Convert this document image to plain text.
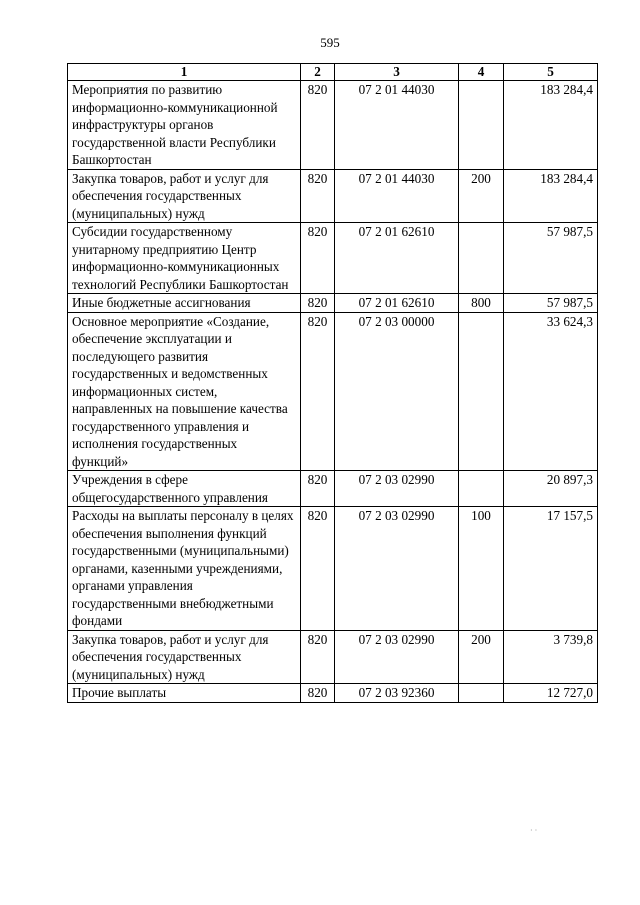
595
1	2	3	4	5
Мероприятия по развитию информационно-коммуникационной инфраструктуры органов государственной власти Республики Башкортостан	820	07 2 01 44030		183 284,4
Закупка товаров, работ и услуг для обеспечения государственных (муниципальных) нужд	820	07 2 01 44030	200	183 284,4
Субсидии государственному унитарному предприятию Центр информационно-коммуникационных технологий Республики Башкортостан	820	07 2 01 62610		57 987,5
Иные бюджетные ассигнования	820	07 2 01 62610	800	57 987,5
Основное мероприятие «Создание, обеспечение эксплуатации и последующего развития государственных и ведомственных информационных систем, направленных на повышение качества государственного управления и исполнения государственных функций»	820	07 2 03 00000		33 624,3
Учреждения в сфере общегосударственного управления	820	07 2 03 02990		20 897,3
Расходы на выплаты персоналу в целях обеспечения выполнения функций государственными (муниципальными) органами, казенными учреждениями, органами управления государственными внебюджетными фондами	820	07 2 03 02990	100	17 157,5
Закупка товаров, работ и услуг для обеспечения государственных (муниципальных) нужд	820	07 2 03 02990	200	3 739,8
Прочие выплаты	820	07 2 03 92360		12 727,0
· ·
